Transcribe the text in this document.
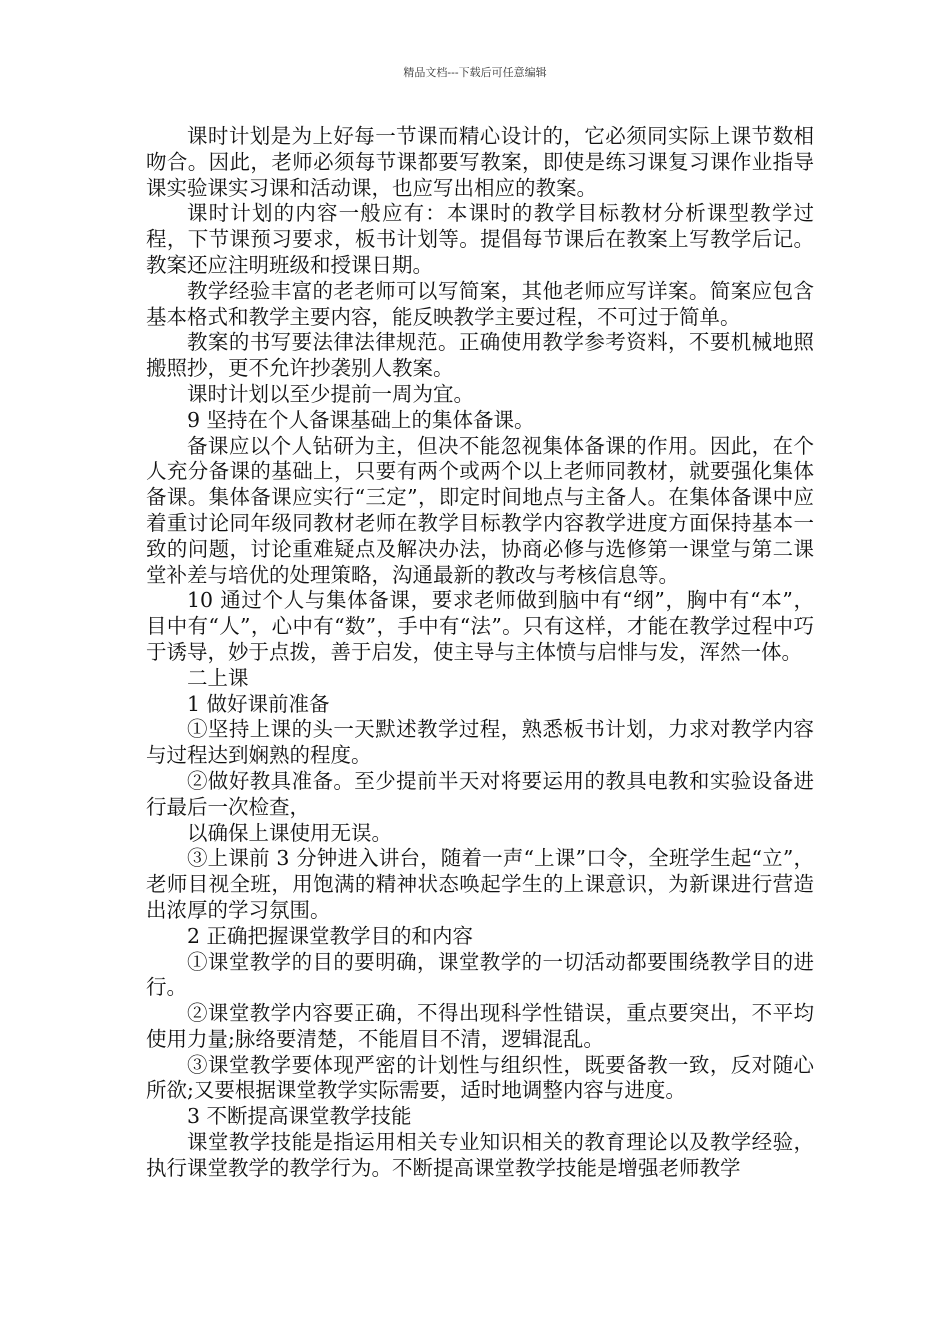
精品文档---下载后可任意编辑

课时计划是为上好每一节课而精心设计的，它必须同实际上课节数相吻合。因此，老师必须每节课都要写教案，即使是练习课复习课作业指导课实验课实习课和活动课，也应写出相应的教案。

课时计划的内容一般应有：本课时的教学目标教材分析课型教学过程，下节课预习要求，板书计划等。提倡每节课后在教案上写教学后记。教案还应注明班级和授课日期。

教学经验丰富的老老师可以写简案，其他老师应写详案。简案应包含基本格式和教学主要内容，能反映教学主要过程，不可过于简单。

教案的书写要法律法律规范。正确使用教学参考资料，不要机械地照搬照抄，更不允许抄袭别人教案。

课时计划以至少提前一周为宜。

9 坚持在个人备课基础上的集体备课。

备课应以个人钻研为主，但决不能忽视集体备课的作用。因此，在个人充分备课的基础上，只要有两个或两个以上老师同教材，就要强化集体备课。集体备课应实行“三定”，即定时间地点与主备人。在集体备课中应着重讨论同年级同教材老师在教学目标教学内容教学进度方面保持基本一致的问题，讨论重难疑点及解决办法，协商必修与选修第一课堂与第二课堂补差与培优的处理策略，沟通最新的教改与考核信息等。

10 通过个人与集体备课，要求老师做到脑中有“纲”，胸中有“本”，目中有“人”，心中有“数”，手中有“法”。只有这样，才能在教学过程中巧于诱导，妙于点拨，善于启发，使主导与主体愤与启悱与发，浑然一体。

二上课

1 做好课前准备

①坚持上课的头一天默述教学过程，熟悉板书计划，力求对教学内容与过程达到娴熟的程度。

②做好教具准备。至少提前半天对将要运用的教具电教和实验设备进行最后一次检查，

以确保上课使用无误。

③上课前 3 分钟进入讲台，随着一声“上课”口令，全班学生起“立”，老师目视全班，用饱满的精神状态唤起学生的上课意识，为新课进行营造出浓厚的学习氛围。

2 正确把握课堂教学目的和内容

①课堂教学的目的要明确，课堂教学的一切活动都要围绕教学目的进行。

②课堂教学内容要正确，不得出现科学性错误，重点要突出，不平均使用力量;脉络要清楚，不能眉目不清，逻辑混乱。

③课堂教学要体现严密的计划性与组织性，既要备教一致，反对随心所欲;又要根据课堂教学实际需要，适时地调整内容与进度。

3 不断提高课堂教学技能

课堂教学技能是指运用相关专业知识相关的教育理论以及教学经验，执行课堂教学的教学行为。不断提高课堂教学技能是增强老师教学
